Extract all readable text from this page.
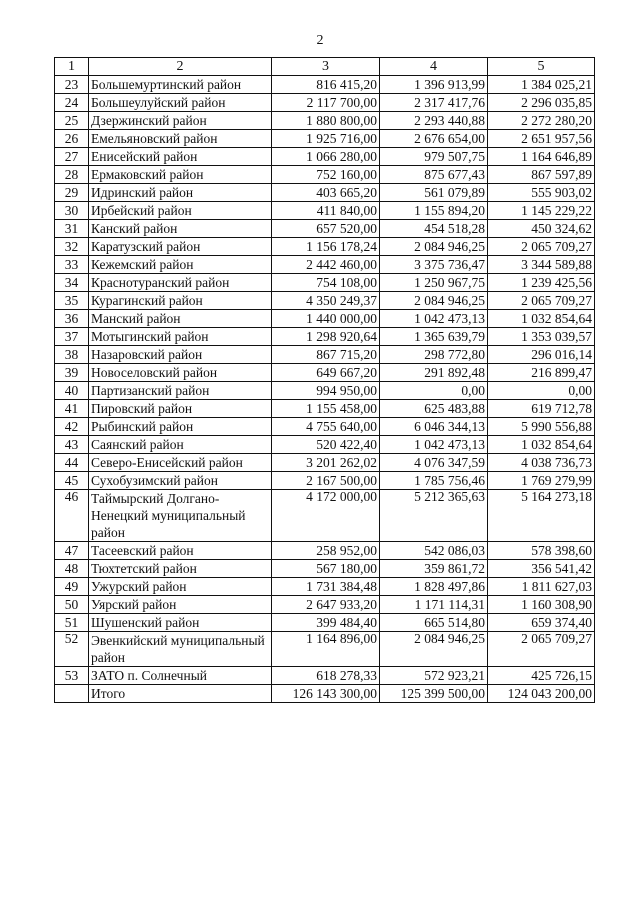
2
1	2	3	4	5
23	Большемуртинский район	816 415,20	1 396 913,99	1 384 025,21
24	Большеулуйский район	2 117 700,00	2 317 417,76	2 296 035,85
25	Дзержинский район	1 880 800,00	2 293 440,88	2 272 280,20
26	Емельяновский район	1 925 716,00	2 676 654,00	2 651 957,56
27	Енисейский район	1 066 280,00	979 507,75	1 164 646,89
28	Ермаковский район	752 160,00	875 677,43	867 597,89
29	Идринский район	403 665,20	561 079,89	555 903,02
30	Ирбейский район	411 840,00	1 155 894,20	1 145 229,22
31	Канский район	657 520,00	454 518,28	450 324,62
32	Каратузский район	1 156 178,24	2 084 946,25	2 065 709,27
33	Кежемский район	2 442 460,00	3 375 736,47	3 344 589,88
34	Краснотуранский район	754 108,00	1 250 967,75	1 239 425,56
35	Курагинский район	4 350 249,37	2 084 946,25	2 065 709,27
36	Манский район	1 440 000,00	1 042 473,13	1 032 854,64
37	Мотыгинский район	1 298 920,64	1 365 639,79	1 353 039,57
38	Назаровский район	867 715,20	298 772,80	296 016,14
39	Новоселовский район	649 667,20	291 892,48	216 899,47
40	Партизанский район	994 950,00	0,00	0,00
41	Пировский район	1 155 458,00	625 483,88	619 712,78
42	Рыбинский район	4 755 640,00	6 046 344,13	5 990 556,88
43	Саянский район	520 422,40	1 042 473,13	1 032 854,64
44	Северо-Енисейский район	3 201 262,02	4 076 347,59	4 038 736,73
45	Сухобузимский район	2 167 500,00	1 785 756,46	1 769 279,99
46	Таймырский Долгано-Ненецкий муниципальный район	4 172 000,00	5 212 365,63	5 164 273,18
47	Тасеевский район	258 952,00	542 086,03	578 398,60
48	Тюхтетский район	567 180,00	359 861,72	356 541,42
49	Ужурский район	1 731 384,48	1 828 497,86	1 811 627,03
50	Уярский район	2 647 933,20	1 171 114,31	1 160 308,90
51	Шушенский район	399 484,40	665 514,80	659 374,40
52	Эвенкийский муниципальный район	1 164 896,00	2 084 946,25	2 065 709,27
53	ЗАТО п. Солнечный	618 278,33	572 923,21	425 726,15
	Итого	126 143 300,00	125 399 500,00	124 043 200,00
